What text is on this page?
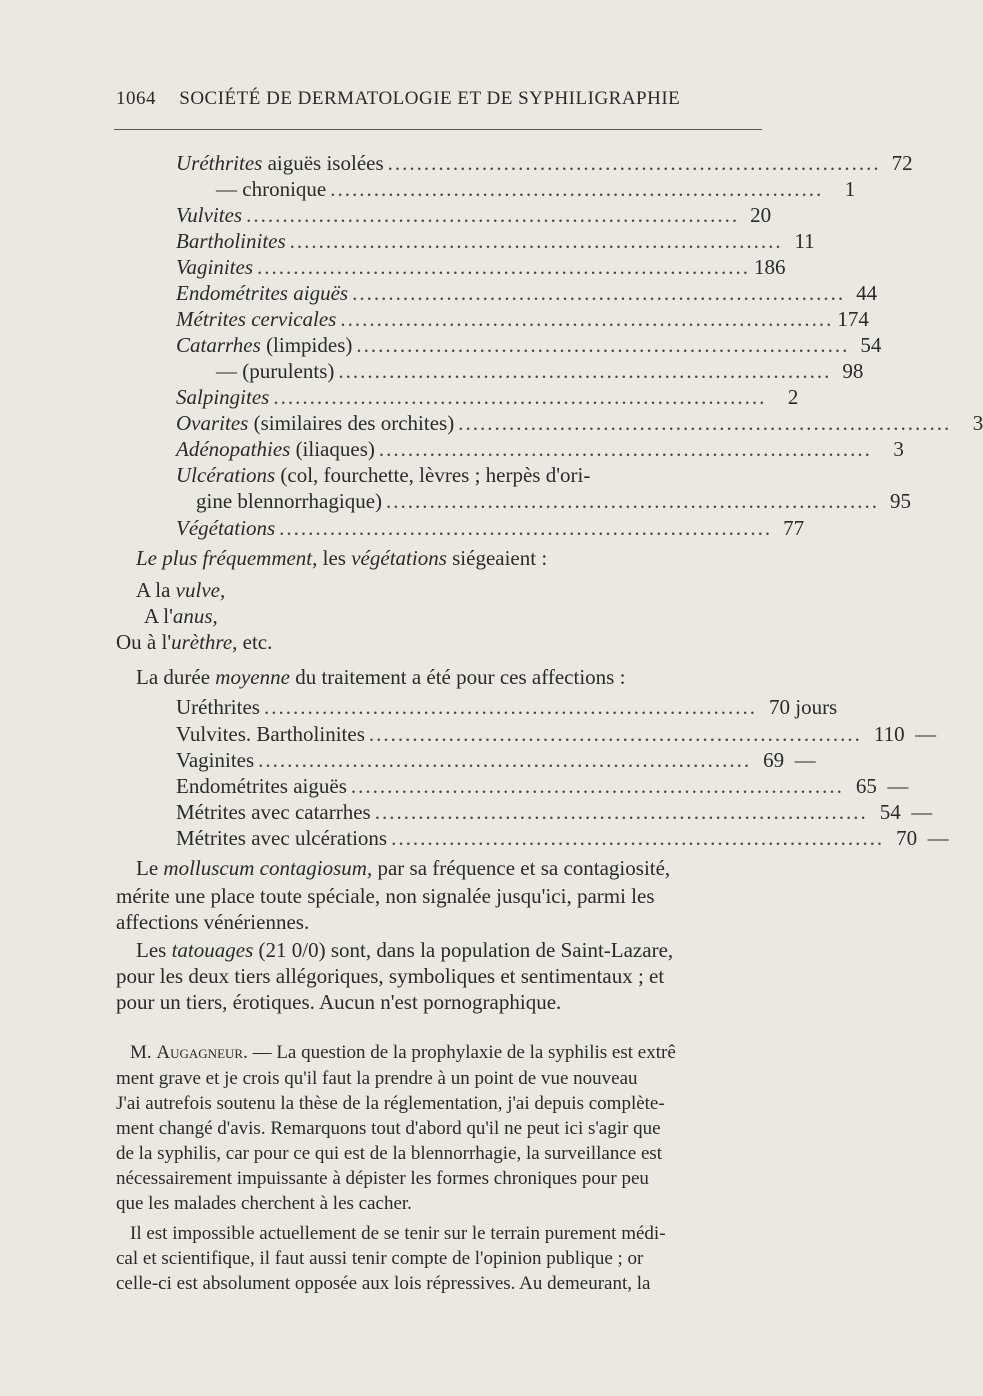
1064 SOCIÉTÉ DE DERMATOLOGIE ET DE SYPHILIGRAPHIE
Uréthrites aiguës isolées .................................................................... 72
— chronique ....................................................................	1
Vulvites .................................................................... 20
Bartholinites .................................................................... 11
Vaginites .................................................................... 186
Endométrites aiguës .................................................................... 44
Métrites cervicales .................................................................... 174
Catarrhes (limpides) .................................................................... 54
— (purulents) .................................................................... 98
Salpingites ....................................................................	2
Ovarites (similaires des orchites) ....................................................................	3
Adénopathies (iliaques) ....................................................................	3
Ulcérations (col, fourchette, lèvres ; herpès d'ori-
gine blennorrhagique) .................................................................... 95
Végétations .................................................................... 77
Le plus fréquemment, les végétations siégeaient :
A la vulve,
A l'anus,
Ou à l'urèthre, etc.
La durée moyenne du traitement a été pour ces affections :
Uréthrites .................................................................... 70 jours
Vulvites. Bartholinites .................................................................... 110  —
Vaginites .................................................................... 69  —
Endométrites aiguës .................................................................... 65  —
Métrites avec catarrhes .................................................................... 54  —
Métrites avec ulcérations .................................................................... 70  —
Le molluscum contagiosum, par sa fréquence et sa contagiosité,
mérite une place toute spéciale, non signalée jusqu'ici, parmi les
affections vénériennes.
Les tatouages (21 0/0) sont, dans la population de Saint-Lazare,
pour les deux tiers allégoriques, symboliques et sentimentaux ; et
pour un tiers, érotiques. Aucun n'est pornographique.
M. Augagneur. — La question de la prophylaxie de la syphilis est extrê
ment grave et je crois qu'il faut la prendre à un point de vue nouveau
J'ai autrefois soutenu la thèse de la réglementation, j'ai depuis complète-
ment changé d'avis. Remarquons tout d'abord qu'il ne peut ici s'agir que
de la syphilis, car pour ce qui est de la blennorrhagie, la surveillance est
nécessairement impuissante à dépister les formes chroniques pour peu
que les malades cherchent à les cacher.
Il est impossible actuellement de se tenir sur le terrain purement médi-
cal et scientifique, il faut aussi tenir compte de l'opinion publique ; or
celle-ci est absolument opposée aux lois répressives. Au demeurant, la
